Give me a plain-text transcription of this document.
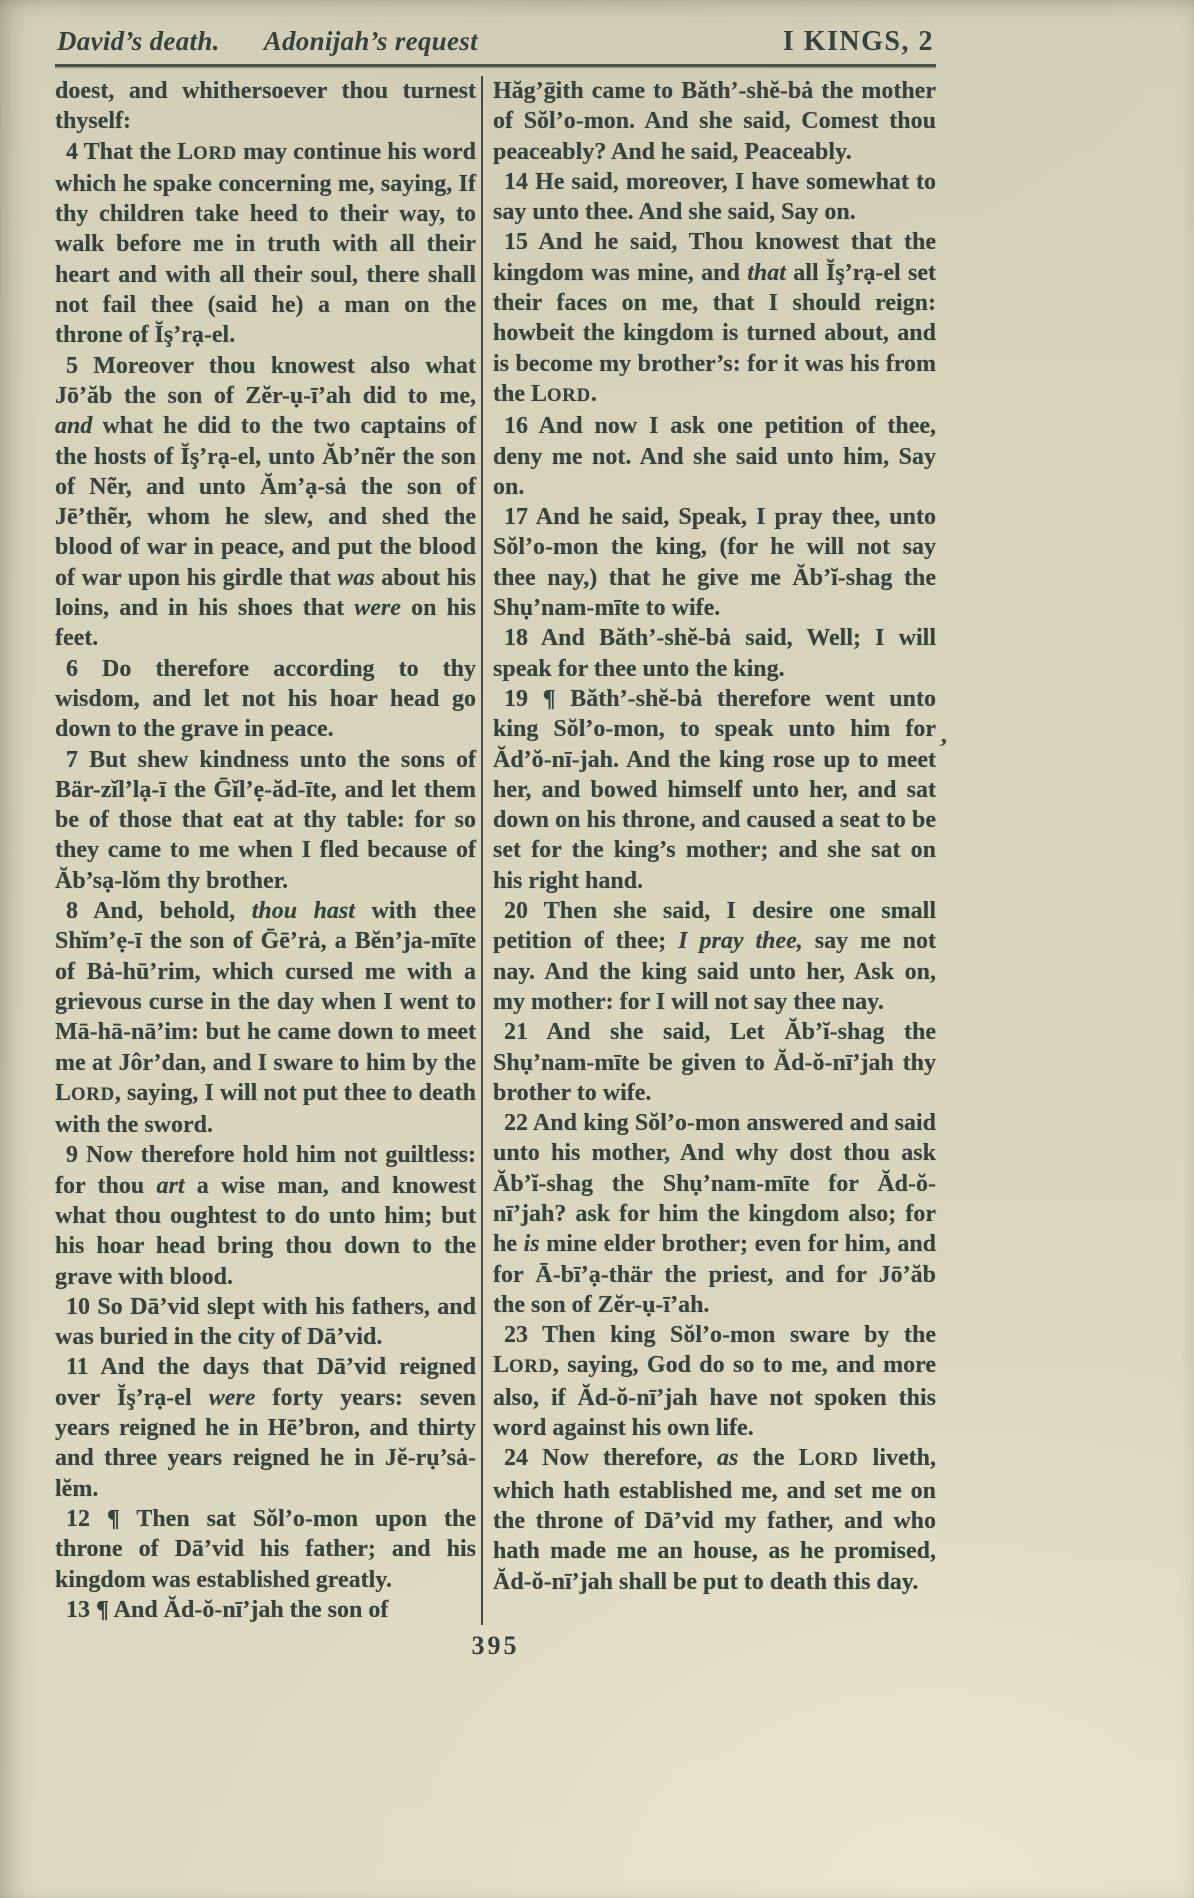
David’s death. Adonijah’s request	I KINGS, 2

doest, and whithersoever thou turnest thyself:

4 That the LORD may continue his word which he spake concerning me, saying, If thy children take heed to their way, to walk before me in truth with all their heart and with all their soul, there shall not fail thee (said he) a man on the throne of Ĭş’rạ-el.

5 Moreover thou knowest also what Jō’ăb the son of Zĕr-ụ-ī’ah did to me, and what he did to the two captains of the hosts of Ĭş’rạ-el, unto Ăb’nẽr the son of Nẽr, and unto Ăm’ạ-sȧ the son of Jē’thẽr, whom he slew, and shed the blood of war in peace, and put the blood of war upon his girdle that was about his loins, and in his shoes that were on his feet.

6 Do therefore according to thy wisdom, and let not his hoar head go down to the grave in peace.

7 But shew kindness unto the sons of Bär-zĭl’lạ-ī the Ḡĭl’ẹ-ăd-īte, and let them be of those that eat at thy table: for so they came to me when I fled because of Ăb’sạ-lŏm thy brother.

8 And, behold, thou hast with thee Shĭm’ẹ-ī the son of Ḡē’rȧ, a Bĕn’ja-mīte of Bȧ-hū’rim, which cursed me with a grievous curse in the day when I went to Mā-hā-nā’im: but he came down to meet me at Jôr’dan, and I sware to him by the LORD, saying, I will not put thee to death with the sword.

9 Now therefore hold him not guiltless: for thou art a wise man, and knowest what thou oughtest to do unto him; but his hoar head bring thou down to the grave with blood.

10 So Dā’vid slept with his fathers, and was buried in the city of Dā’vid.

11 And the days that Dā’vid reigned over Ĭş’rạ-el were forty years: seven years reigned he in Hē’bron, and thirty and three years reigned he in Jĕ-rụ’sȧ-lĕm.

12 ¶ Then sat Sŏl’o-mon upon the throne of Dā’vid his father; and his kingdom was established greatly.

13 ¶ And Ăd-ŏ-nī’jah the son of

Hăg’ḡith came to Băth’-shĕ-bȧ the mother of Sŏl’o-mon. And she said, Comest thou peaceably? And he said, Peaceably.

14 He said, moreover, I have somewhat to say unto thee. And she said, Say on.

15 And he said, Thou knowest that the kingdom was mine, and that all Ĭş’rạ-el set their faces on me, that I should reign: howbeit the kingdom is turned about, and is become my brother’s: for it was his from the LORD.

16 And now I ask one petition of thee, deny me not. And she said unto him, Say on.

17 And he said, Speak, I pray thee, unto Sŏl’o-mon the king, (for he will not say thee nay,) that he give me Ăb’ĭ-shag the Shụ’nam-mīte to wife.

18 And Băth’-shĕ-bȧ said, Well; I will speak for thee unto the king.

19 ¶ Băth’-shĕ-bȧ therefore went unto king Sŏl’o-mon, to speak unto him for Ăd’ŏ-nī-jah. And the king rose up to meet her, and bowed himself unto her, and sat down on his throne, and caused a seat to be set for the king’s mother; and she sat on his right hand.

20 Then she said, I desire one small petition of thee; I pray thee, say me not nay. And the king said unto her, Ask on, my mother: for I will not say thee nay.

21 And she said, Let Ăb’ĭ-shag the Shụ’nam-mīte be given to Ăd-ŏ-nī’jah thy brother to wife.

22 And king Sŏl’o-mon answered and said unto his mother, And why dost thou ask Ăb’ĭ-shag the Shụ’nam-mīte for Ăd-ŏ-nī’jah? ask for him the kingdom also; for he is mine elder brother; even for him, and for Ā-bī’ạ-thär the priest, and for Jō’ăb the son of Zĕr-ụ-ī’ah.

23 Then king Sŏl’o-mon sware by the LORD, saying, God do so to me, and more also, if Ăd-ŏ-nī’jah have not spoken this word against his own life.

24 Now therefore, as the LORD liveth, which hath established me, and set me on the throne of Dā’vid my father, and who hath made me an house, as he promised, Ăd-ŏ-nī’jah shall be put to death this day.

395
’
